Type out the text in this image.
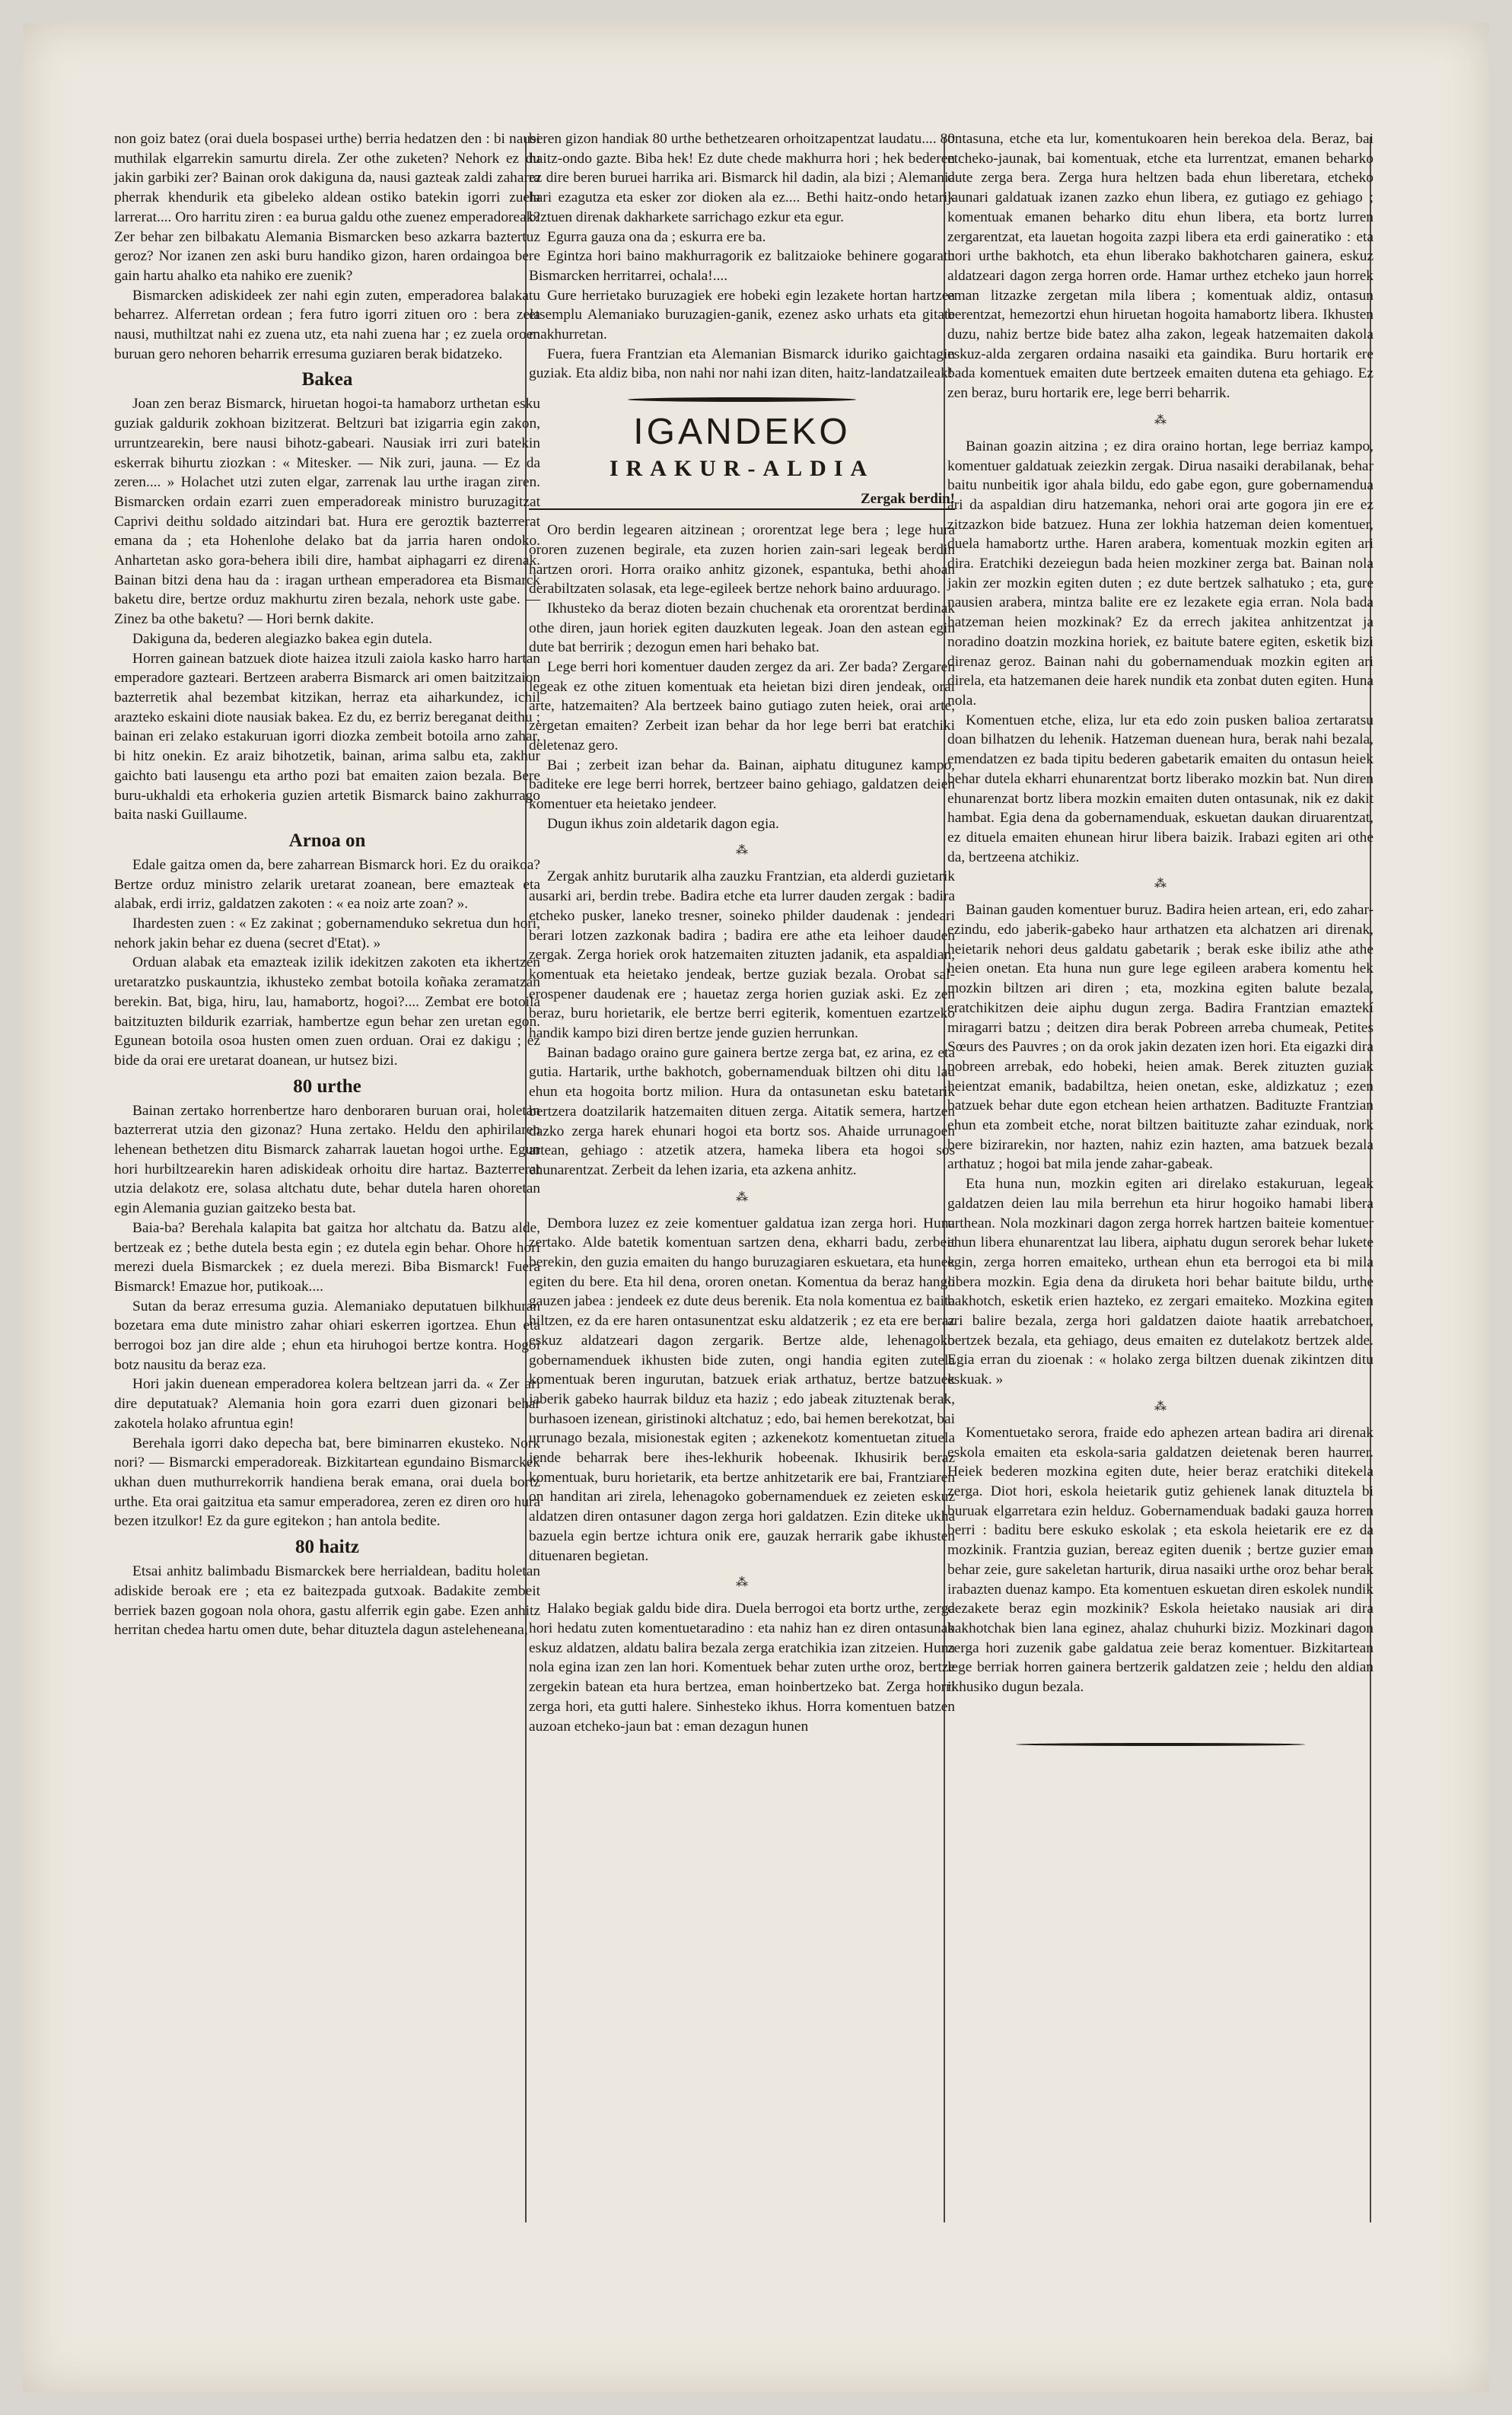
non goiz batez (orai duela bospasei urthe) berria hedatzen den : bi nausi muthilak elgarrekin samurtu direla. Zer othe zuketen? Nehork ez du jakin garbiki zer? Bainan orok dakiguna da, nausi gazteak zaldi zaharra pherrak khendurik eta gibeleko aldean ostiko batekin igorri zuela larrerat.... Oro harritu ziren : ea burua galdu othe zuenez emperadoreak? Zer behar zen bilbakatu Alemania Bismarcken beso azkarra baztertuz geroz? Nor izanen zen aski buru handiko gizon, haren ordaingoa bere gain hartu ahalko eta nahiko ere zuenik?

Bismarcken adiskideek zer nahi egin zuten, emperadorea balakatu beharrez. Alferretan ordean ; fera futro igorri zituen oro : bera zela nausi, muthiltzat nahi ez zuena utz, eta nahi zuena har ; ez zuela oroen buruan gero nehoren beharrik erresuma guziaren berak bidatzeko.

Bakea

Joan zen beraz Bismarck, hiruetan hogoi-ta hamaborz urthetan esku guziak galdurik zokhoan bizitzerat. Beltzuri bat izigarria egin zakon, urruntzearekin, bere nausi bihotz-gabeari. Nausiak irri zuri batekin eskerrak bihurtu ziozkan : « Mitesker. — Nik zuri, jauna. — Ez da zeren.... » Holachet utzi zuten elgar, zarrenak lau urthe iragan ziren. Bismarcken ordain ezarri zuen emperadoreak ministro buruzagitzat Caprivi deithu soldado aitzindari bat. Hura ere geroztik bazterrerat emana da ; eta Hohenlohe delako bat da jarria haren ondoko. Anhartetan asko gora-behera ibili dire, hambat aiphagarri ez direnak. Bainan bitzi dena hau da : iragan urthean emperadorea eta Bismarck baketu dire, bertze orduz makhurtu ziren bezala, nehork uste gabe. — Zinez ba othe baketu? — Hori bernk dakite.

Dakiguna da, bederen alegiazko bakea egin dutela.

Horren gainean batzuek diote haizea itzuli zaiola kasko harro hartan emperadore gazteari. Bertzeen araberra Bismarck ari omen baitzitzaion bazterretik ahal bezembat kitzikan, herraz eta aiharkundez, ichil arazteko eskaini diote nausiak bakea. Ez du, ez berriz bereganat deithu ; bainan eri zelako estakuruan igorri diozka zembeit botoila arno zahar, bi hitz onekin. Ez araiz bihotzetik, bainan, arima salbu eta, zakhur gaichto bati lausengu eta artho pozi bat emaiten zaion bezala. Bere buru-ukhaldi eta erhokeria guzien artetik Bismarck baino zakhurrago baita naski Guillaume.

Arnoa on

Edale gaitza omen da, bere zaharrean Bismarck hori. Ez du oraikoa? Bertze orduz ministro zelarik uretarat zoanean, bere emazteak eta alabak, erdi irriz, galdatzen zakoten : « ea noiz arte zoan? ».

Ihardesten zuen : « Ez zakinat ; gobernamenduko sekretua dun hori, nehork jakin behar ez duena (secret d'Etat). »

Orduan alabak eta emazteak izilik idekitzen zakoten eta ikhertzen uretaratzko puskauntzia, ikhusteko zembat botoila koñaka zeramatzan berekin. Bat, biga, hiru, lau, hamabortz, hogoi?.... Zembat ere botoila baitzituzten bildurik ezarriak, hambertze egun behar zen uretan egon. Egunean botoila osoa husten omen zuen orduan. Orai ez dakigu ; ez bide da orai ere uretarat doanean, ur hutsez bizi.

80 urthe

Bainan zertako horrenbertze haro denboraren buruan orai, holetan bazterrerat utzia den gizonaz? Huna zertako. Heldu den aphirilaren lehenean bethetzen ditu Bismarck zaharrak lauetan hogoi urthe. Egun hori hurbiltzearekin haren adiskideak orhoitu dire hartaz. Bazterrerat utzia delakotz ere, solasa altchatu dute, behar dutela haren ohoretan egin Alemania guzian gaitzeko besta bat.

Baia-ba? Berehala kalapita bat gaitza hor altchatu da. Batzu alde, bertzeak ez ; bethe dutela besta egin ; ez dutela egin behar. Ohore hori merezi duela Bismarckek ; ez duela merezi. Biba Bismarck! Fuera Bismarck! Emazue hor, putikoak....

Sutan da beraz erresuma guzia. Alemaniako deputatuen bilkhuran bozetara ema dute ministro zahar ohiari eskerren igortzea. Ehun eta berrogoi boz jan dire alde ; ehun eta hiruhogoi bertze kontra. Hogoi botz nausitu da beraz eza.

Hori jakin duenean emperadorea kolera beltzean jarri da. « Zer ari dire deputatuak? Alemania hoin gora ezarri duen gizonari behar zakotela holako afruntua egin!

Berehala igorri dako depecha bat, bere biminarren ekusteko. Nork nori? — Bismarcki emperadoreak. Bizkitartean egundaino Bismarckek ukhan duen muthurrekorrik handiena berak emana, orai duela bortz urthe. Eta orai gaitzitua eta samur emperadorea, zeren ez diren oro hura bezen itzulkor! Ez da gure egitekon ; han antola bedite.

80 haitz

Etsai anhitz balimbadu Bismarckek bere herrialdean, baditu holetan adiskide beroak ere ; eta ez baitezpada gutxoak. Badakite zembeit berriek bazen gogoan nola ohora, gastu alferrik egin gabe. Ezen anhitz herritan chedea hartu omen dute, behar dituztela dagun asteleheneana,

beren gizon handiak 80 urthe bethetzearen orhoitzapentzat laudatu.... 80 haitz-ondo gazte. Biba hek! Ez dute chede makhurra hori ; hek bederen ez dire beren buruei harrika ari. Bismarck hil dadin, ala bizi ; Alemania hari ezagutza eta esker zor dioken ala ez.... Bethi haitz-ondo hetarik biztuen direnak dakharkete sarrichago ezkur eta egur.

Egurra gauza ona da ; eskurra ere ba.

Egintza hori baino makhurragorik ez balitzaioke behinere gogaratu Bismarcken herritarrei, ochala!....

Gure herrietako buruzagiek ere hobeki egin lezakete hortan hartzea etsemplu Alemaniako buruzagien-ganik, ezenez asko urhats eta gitate makhurretan.

Fuera, fuera Frantzian eta Alemanian Bismarck iduriko gaichtagin guziak. Eta aldiz biba, non nahi nor nahi izan diten, haitz-landatzaileak!

IGANDEKO
IRAKUR-ALDIA
Zergak berdin!

Oro berdin legearen aitzinean ; ororentzat lege bera ; lege hura ororen zuzenen begirale, eta zuzen horien zain-sari legeak berdin hartzen orori. Horra oraiko anhitz gizonek, espantuka, bethi ahoan derabiltzaten solasak, eta lege-egileek bertze nehork baino arduurago.

Ikhusteko da beraz dioten bezain chuchenak eta ororentzat berdinak othe diren, jaun horiek egiten dauzkuten legeak. Joan den astean egin dute bat berririk ; dezogun emen hari behako bat.

Lege berri hori komentuer dauden zergez da ari. Zer bada? Zergaren legeak ez othe zituen komentuak eta heietan bizi diren jendeak, orai arte, hatzemaiten? Ala bertzeek baino gutiago zuten heiek, orai arte, zergetan emaiten? Zerbeit izan behar da hor lege berri bat eratchiki deletenaz gero.

Bai ; zerbeit izan behar da. Bainan, aiphatu ditugunez kampo, baditeke ere lege berri horrek, bertzeer baino gehiago, galdatzen deien komentuer eta heietako jendeer.

Dugun ikhus zoin aldetarik dagon egia.

⁂

Zergak anhitz burutarik alha zauzku Frantzian, eta alderdi guzietarik ausarki ari, berdin trebe. Badira etche eta lurrer dauden zergak : badira etcheko pusker, laneko tresner, soineko philder daudenak : jendeari berari lotzen zazkonak badira ; badira ere athe eta leihoer dauden zergak. Zerga horiek orok hatzemaiten zituzten jadanik, eta aspaldian, komentuak eta heietako jendeak, bertze guziak bezala. Orobat sal-erospener daudenak ere ; hauetaz zerga horien guziak aski. Ez zen beraz, buru horietarik, ele bertze berri egiterik, komentuen ezartzeko handik kampo bizi diren bertze jende guzien herrunkan.

Bainan badago oraino gure gainera bertze zerga bat, ez arina, ez eta gutia. Hartarik, urthe bakhotch, gobernamenduak biltzen ohi ditu lau ehun eta hogoita bortz milion. Hura da ontasunetan esku batetarik bertzera doatzilarik hatzemaiten dituen zerga. Aitatik semera, hartzen dazko zerga harek ehunari hogoi eta bortz sos. Ahaide urrunagoen artean, gehiago : atzetik atzera, hameka libera eta hogoi sos ehunarentzat. Zerbeit da lehen izaria, eta azkena anhitz.

⁂

Dembora luzez ez zeie komentuer galdatua izan zerga hori. Huna zertako. Alde batetik komentuan sartzen dena, ekharri badu, zerbeit berekin, den guzia emaiten du hango buruzagiaren eskuetara, eta hunek egiten du bere. Eta hil dena, ororen onetan. Komentua da beraz hango gauzen jabea : jendeek ez dute deus berenik. Eta nola komentua ez baita hiltzen, ez da ere haren ontasunentzat esku aldatzerik ; ez eta ere beraz eskuz aldatzeari dagon zergarik. Bertze alde, lehenagoko gobernamenduek ikhusten bide zuten, ongi handia egiten zutela komentuak beren ingurutan, batzuek eriak arthatuz, bertze batzuek jaberik gabeko haurrak bilduz eta haziz ; edo jabeak zituztenak berak, burhasoen izenean, giristinoki altchatuz ; edo, bai hemen berekotzat, bai urrunago bezala, misionestak egiten ; azkenekotz komentuetan zituela jende beharrak bere ihes-lekhurik hobeenak. Ikhusirik beraz komentuak, buru horietarik, eta bertze anhitzetarik ere bai, Frantziaren on handitan ari zirela, lehenagoko gobernamenduek ez zeieten eskuz aldatzen diren ontasuner dagon zerga hori galdatzen. Ezin diteke ukha bazuela egin bertze ichtura onik ere, gauzak herrarik gabe ikhusten dituenaren begietan.

⁂

Halako begiak galdu bide dira. Duela berrogoi eta bortz urthe, zerga hori hedatu zuten komentuetaradino : eta nahiz han ez diren ontasunak eskuz aldatzen, aldatu balira bezala zerga eratchikia izan zitzeien. Huna nola egina izan zen lan hori. Komentuek behar zuten urthe oroz, bertze zergekin batean eta hura bertzea, eman hoinbertzeko bat. Zerga horri zerga hori, eta gutti halere. Sinhesteko ikhus. Horra komentuen batzen auzoan etcheko-jaun bat : eman dezagun hunen

ontasuna, etche eta lur, komentukoaren hein berekoa dela. Beraz, bai etcheko-jaunak, bai komentuak, etche eta lurrentzat, emanen beharko dute zerga bera. Zerga hura heltzen bada ehun liberetara, etcheko jaunari galdatuak izanen zazko ehun libera, ez gutiago ez gehiago ; komentuak emanen beharko ditu ehun libera, eta bortz lurren zergarentzat, eta lauetan hogoita zazpi libera eta erdi gaineratiko : eta hori urthe bakhotch, eta ehun liberako bakhotcharen gainera, eskuz aldatzeari dagon zerga horren orde. Hamar urthez etcheko jaun horrek eman litzazke zergetan mila libera ; komentuak aldiz, ontasun berentzat, hemezortzi ehun hiruetan hogoita hamabortz libera. Ikhusten duzu, nahiz bertze bide batez alha zakon, legeak hatzemaiten dakola eskuz-alda zergaren ordaina nasaiki eta gaindika. Buru hortarik ere bada komentuek emaiten dute bertzeek emaiten dutena eta gehiago. Ez zen beraz, buru hortarik ere, lege berri beharrik.

⁂

Bainan goazin aitzina ; ez dira oraino hortan, lege berriaz kampo, komentuer galdatuak zeiezkin zergak. Dirua nasaiki derabilanak, behar baitu nunbeitik igor ahala bildu, edo gabe egon, gure gobernamendua ari da aspaldian diru hatzemanka, nehori orai arte gogora jin ere ez zitzazkon bide batzuez. Huna zer lokhia hatzeman deien komentuer, duela hamabortz urthe. Haren arabera, komentuak mozkin egiten ari dira. Eratchiki dezeiegun bada heien mozkiner zerga bat. Bainan nola jakin zer mozkin egiten duten ; ez dute bertzek salhatuko ; eta, gure nausien arabera, mintza balite ere ez lezakete egia erran. Nola bada hatzeman heien mozkinak? Ez da errech jakitea anhitzentzat ja noradino doatzin mozkina horiek, ez baitute batere egiten, esketik bizi direnaz geroz. Bainan nahi du gobernamenduak mozkin egiten ari direla, eta hatzemanen deie harek nundik eta zonbat duten egiten. Huna nola.

Komentuen etche, eliza, lur eta edo zoin pusken balioa zertaratsu doan bilhatzen du lehenik. Hatzeman duenean hura, berak nahi bezala, emendatzen ez bada tipitu bederen gabetarik emaiten du ontasun heiek behar dutela ekharri ehunarentzat bortz liberako mozkin bat. Nun diren ehunarenzat bortz libera mozkin emaiten duten ontasunak, nik ez dakit hambat. Egia dena da gobernamenduak, eskuetan daukan diruarentzat, ez dituela emaiten ehunean hirur libera baizik. Irabazi egiten ari othe da, bertzeena atchikiz.

⁂

Bainan gauden komentuer buruz. Badira heien artean, eri, edo zahar-ezindu, edo jaberik-gabeko haur arthatzen eta alchatzen ari direnak, heietarik nehori deus galdatu gabetarik ; berak eske ibiliz athe athe heien onetan. Eta huna nun gure lege egileen arabera komentu hek mozkin biltzen ari diren ; eta, mozkina egiten balute bezala, eratchikitzen deie aiphu dugun zerga. Badira Frantzian emaztekí miragarri batzu ; deitzen dira berak Pobreen arreba chumeak, Petites Sœurs des Pauvres ; on da orok jakin dezaten izen hori. Eta eigazki dira pobreen arrebak, edo hobeki, heien amak. Berek zituzten guziak heientzat emanik, badabiltza, heien onetan, eske, aldizkatuz ; ezen batzuek behar dute egon etchean heien arthatzen. Badituzte Frantzian ehun eta zombeit etche, norat biltzen baitituzte zahar ezinduak, nork bere bizirarekin, nor hazten, nahiz ezin hazten, ama batzuek bezala arthatuz ; hogoi bat mila jende zahar-gabeak.

Eta huna nun, mozkin egiten ari direlako estakuruan, legeak galdatzen deien lau mila berrehun eta hirur hogoiko hamabi libera urthean. Nola mozkinari dagon zerga horrek hartzen baiteie komentuer ehun libera ehunarentzat lau libera, aiphatu dugun serorek behar lukete egin, zerga horren emaiteko, urthean ehun eta berrogoi eta bi mila libera mozkin. Egia dena da diruketa hori behar baitute bildu, urthe bakhotch, esketik erien hazteko, ez zergari emaiteko. Mozkina egiten ari balire bezala, zerga hori galdatzen daiote haatik arrebatchoer, bertzek bezala, eta gehiago, deus emaiten ez dutelakotz bertzek alde. Egia erran du zioenak : « holako zerga biltzen duenak zikintzen ditu eskuak. »

⁂

Komentuetako serora, fraide edo aphezen artean badira ari direnak eskola emaiten eta eskola-saria galdatzen deietenak beren haurrer. Heiek bederen mozkina egiten dute, heier beraz eratchiki ditekela zerga. Diot hori, eskola heietarik gutiz gehienek lanak dituztela bi buruak elgarretara ezin helduz. Gobernamenduak badaki gauza horren berri : baditu bere eskuko eskolak ; eta eskola heietarik ere ez da mozkinik. Frantzia guzian, bereaz egiten duenik ; bertze guzier eman behar zeie, gure sakeletan harturik, dirua nasaiki urthe oroz behar berak irabazten duenaz kampo. Eta komentuen eskuetan diren eskolek nundik dezakete beraz egin mozkinik? Eskola heietako nausiak ari dira bakhotchak bien lana eginez, ahalaz chuhurki biziz. Mozkinari dagon zerga hori zuzenik gabe galdatua zeie beraz komentuer. Bizkitartean lege berriak horren gainera bertzerik galdatzen zeie ; heldu den aldian ikhusiko dugun bezala.
